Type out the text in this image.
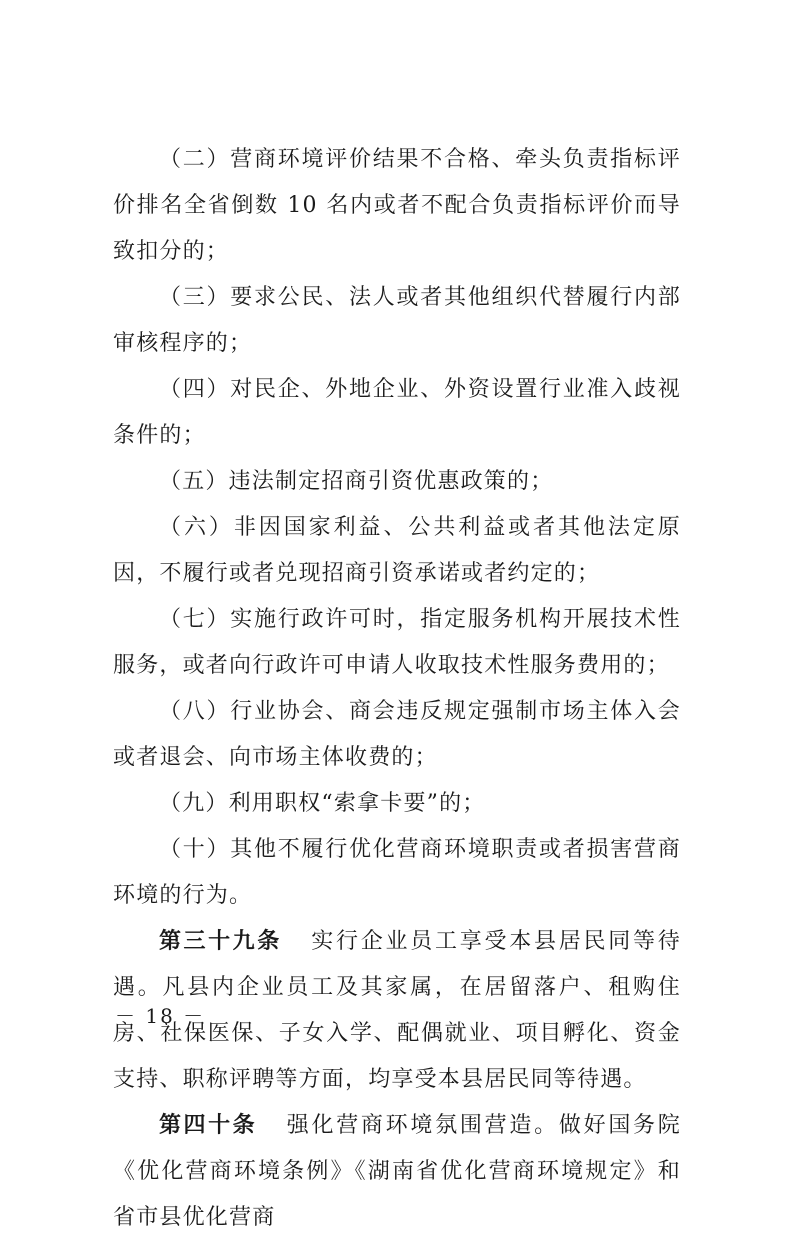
（二）营商环境评价结果不合格、牵头负责指标评价排名全省倒数 10 名内或者不配合负责指标评价而导致扣分的；

（三）要求公民、法人或者其他组织代替履行内部审核程序的；

（四）对民企、外地企业、外资设置行业准入歧视条件的；

（五）违法制定招商引资优惠政策的；

（六）非因国家利益、公共利益或者其他法定原因，不履行或者兑现招商引资承诺或者约定的；

（七）实施行政许可时，指定服务机构开展技术性服务，或者向行政许可申请人收取技术性服务费用的；

（八）行业协会、商会违反规定强制市场主体入会或者退会、向市场主体收费的；

（九）利用职权“索拿卡要”的；

（十）其他不履行优化营商环境职责或者损害营商环境的行为。

第三十九条 实行企业员工享受本县居民同等待遇。凡县内企业员工及其家属，在居留落户、租购住房、社保医保、子女入学、配偶就业、项目孵化、资金支持、职称评聘等方面，均享受本县居民同等待遇。

第四十条 强化营商环境氛围营造。做好国务院《优化营商环境条例》《湖南省优化营商环境规定》和省市县优化营商

－ 18 －
